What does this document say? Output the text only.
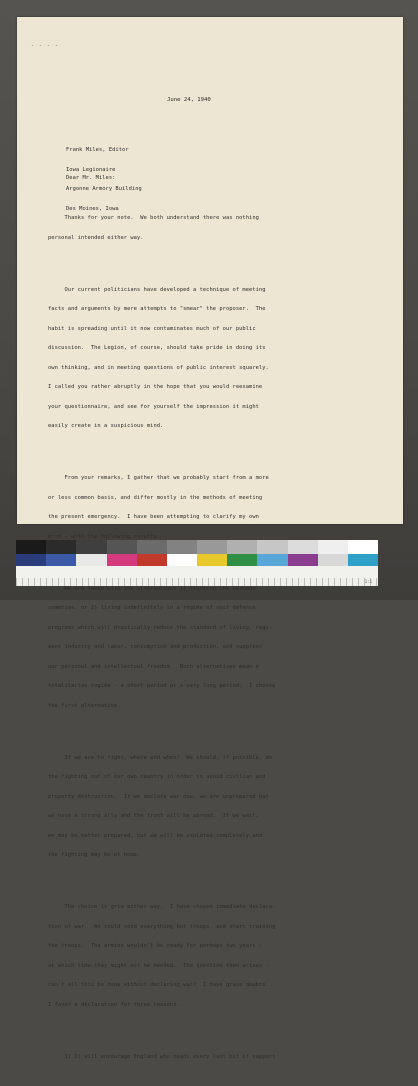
- - - -
June 24, 1940

Frank Miles, Editor

Iowa Legionaire

Argonne Armory Building

Des Moines, Iowa

Dear Mr. Miles:

Thanks for your note.  We both understand there was nothing

personal intended either way.

Our current politicians have developed a technique of meeting

facts and arguments by mere attempts to "smear" the proposer.  The

habit is spreading until it now contaminates much of our public

discussion.  The Legion, of course, should take pride in doing its

own thinking, and in meeting questions of public interest squarely.

I called you rather abruptly in the hope that you would reexamine

your questionnaire, and see for yourself the impression it might

easily create in a suspicious mind.

From your remarks, I gather that we probably start from a more

or less common basis, and differ mostly in the methods of meeting

the present emergency.  I have been attempting to clarify my own

mind - with the following results.

We are faced with the alternatives 1) fighting the Germans

sometime, or 2) living indefinitely in a regime of vast defense

programs which will drastically reduce the standard of living, regi-

ment industry and labor, consumption and production, and suppress

our personal and intellectual freedom.  Both alternatives mean a

totalitarian regime - a short period or a very long period.  I choose

the first alternative.

If we are to fight, where and when?  We should, if possible, do

the fighting out of our own country in order to avoid civilian and

property destruction.  If we declare war now, we are unprepared but

we have a strong ally and the front will be abroad.  If we wait,

we may be better prepared, but we will be isolated completely and

the fighting may be at home.

The choice is grim either way.  I have chosen immediate declara-

tion of war.  We could send everything but troops, and start training

the troops.  The armies wouldn't be ready for perhaps two years -

at which time they might not be needed.  The question then arises -

can't all this be done without declaring war?  I have grave doubts.

I favor a declaration for three reasons.

1) It will encourage England who needs every last bit of support

1:1
